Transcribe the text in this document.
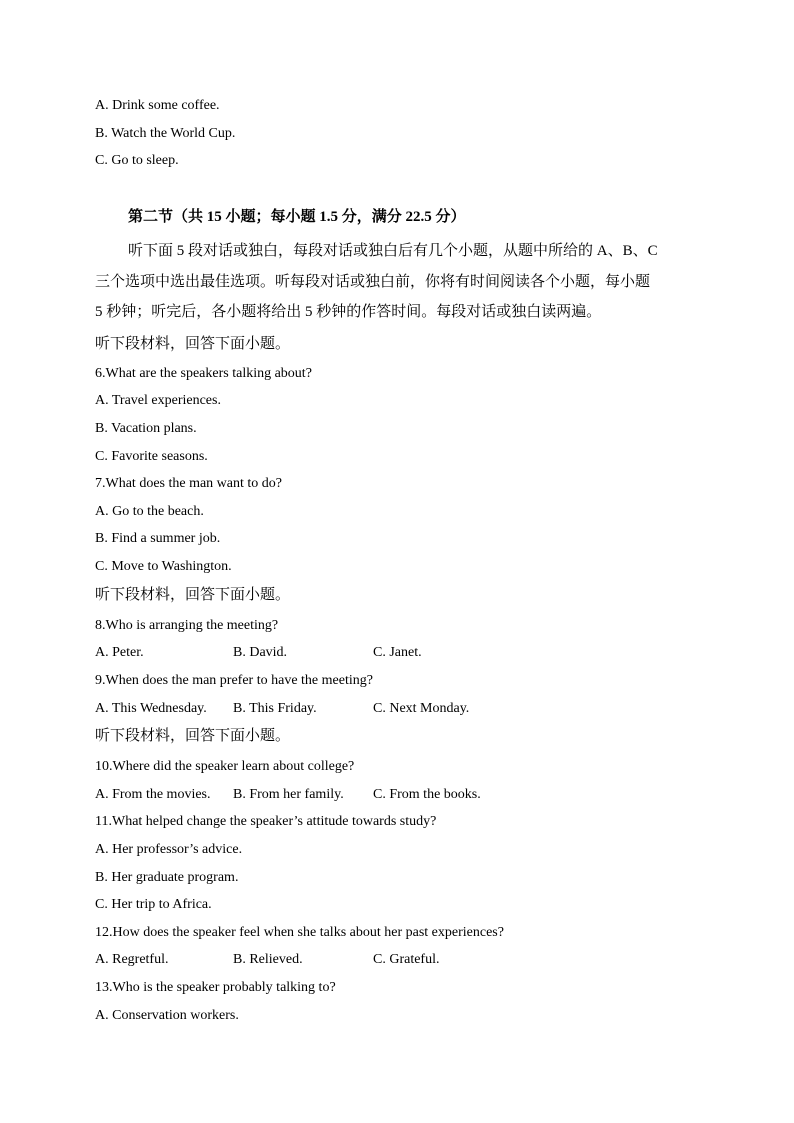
A. Drink some coffee.
B. Watch the World Cup.
C. Go to sleep.
第二节（共 15 小题；每小题 1.5 分，满分 22.5 分）
听下面 5 段对话或独白，每段对话或独白后有几个小题，从题中所给的 A、B、C
三个选项中选出最佳选项。听每段对话或独白前，你将有时间阅读各个小题，每小题
5 秒钟；听完后，各小题将给出 5 秒钟的作答时间。每段对话或独白读两遍。
听下段材料，回答下面小题。
6.What are the speakers talking about?
A. Travel experiences.
B. Vacation plans.
C. Favorite seasons.
7.What does the man want to do?
A. Go to the beach.
B. Find a summer job.
C. Move to Washington.
听下段材料，回答下面小题。
8.Who is arranging the meeting?
A. Peter.	B. David.	C. Janet.
9.When does the man prefer to have the meeting?
A. This Wednesday. B. This Friday.	C. Next Monday.
听下段材料，回答下面小题。
10.Where did the speaker learn about college?
A. From the movies. B. From her family. C. From the books.
11.What helped change the speaker’s attitude towards study?
A. Her professor’s advice.
B. Her graduate program.
C. Her trip to Africa.
12.How does the speaker feel when she talks about her past experiences?
A. Regretful.	B. Relieved.	C. Grateful.
13.Who is the speaker probably talking to?
A. Conservation workers.
